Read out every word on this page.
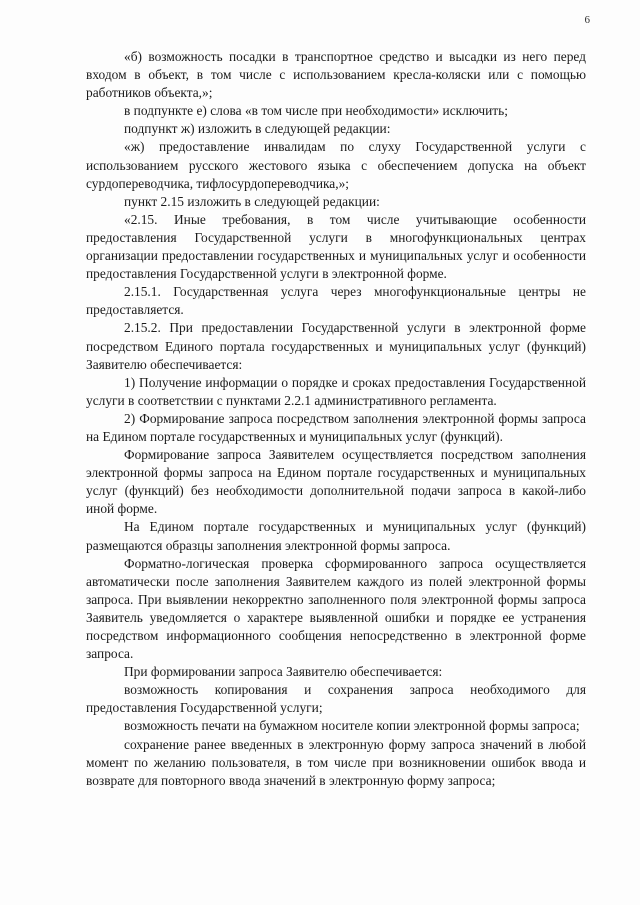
6

«б) возможность посадки в транспортное средство и высадки из него перед входом в объект, в том числе с использованием кресла-коляски или с помощью работников объекта,»;

в подпункте е) слова «в том числе при необходимости» исключить;

подпункт ж) изложить в следующей редакции:

«ж) предоставление инвалидам по слуху Государственной услуги с использованием русского жестового языка с обеспечением допуска на объект сурдопереводчика, тифлосурдопереводчика,»;

пункт 2.15 изложить в следующей редакции:

«2.15. Иные требования, в том числе учитывающие особенности предоставления Государственной услуги в многофункциональных центрах организации предоставлении государственных и муниципальных услуг и особенности предоставления Государственной услуги в электронной форме.

2.15.1. Государственная услуга через многофункциональные центры не предоставляется.

2.15.2. При предоставлении Государственной услуги в электронной форме посредством Единого портала государственных и муниципальных услуг (функций) Заявителю обеспечивается:

1) Получение информации о порядке и сроках предоставления Государственной услуги в соответствии с пунктами 2.2.1 административного регламента.

2) Формирование запроса посредством заполнения электронной формы запроса на Едином портале государственных и муниципальных услуг (функций).

Формирование запроса Заявителем осуществляется посредством заполнения электронной формы запроса на Едином портале государственных и муниципальных услуг (функций) без необходимости дополнительной подачи запроса в какой-либо иной форме.

На Едином портале государственных и муниципальных услуг (функций) размещаются образцы заполнения электронной формы запроса.

Форматно-логическая проверка сформированного запроса осуществляется автоматически после заполнения Заявителем каждого из полей электронной формы запроса. При выявлении некорректно заполненного поля электронной формы запроса Заявитель уведомляется о характере выявленной ошибки и порядке ее устранения посредством информационного сообщения непосредственно в электронной форме запроса.

При формировании запроса Заявителю обеспечивается:

возможность копирования и сохранения запроса необходимого для предоставления Государственной услуги;

возможность печати на бумажном носителе копии электронной формы запроса;

сохранение ранее введенных в электронную форму запроса значений в любой момент по желанию пользователя, в том числе при возникновении ошибок ввода и возврате для повторного ввода значений в электронную форму запроса;
